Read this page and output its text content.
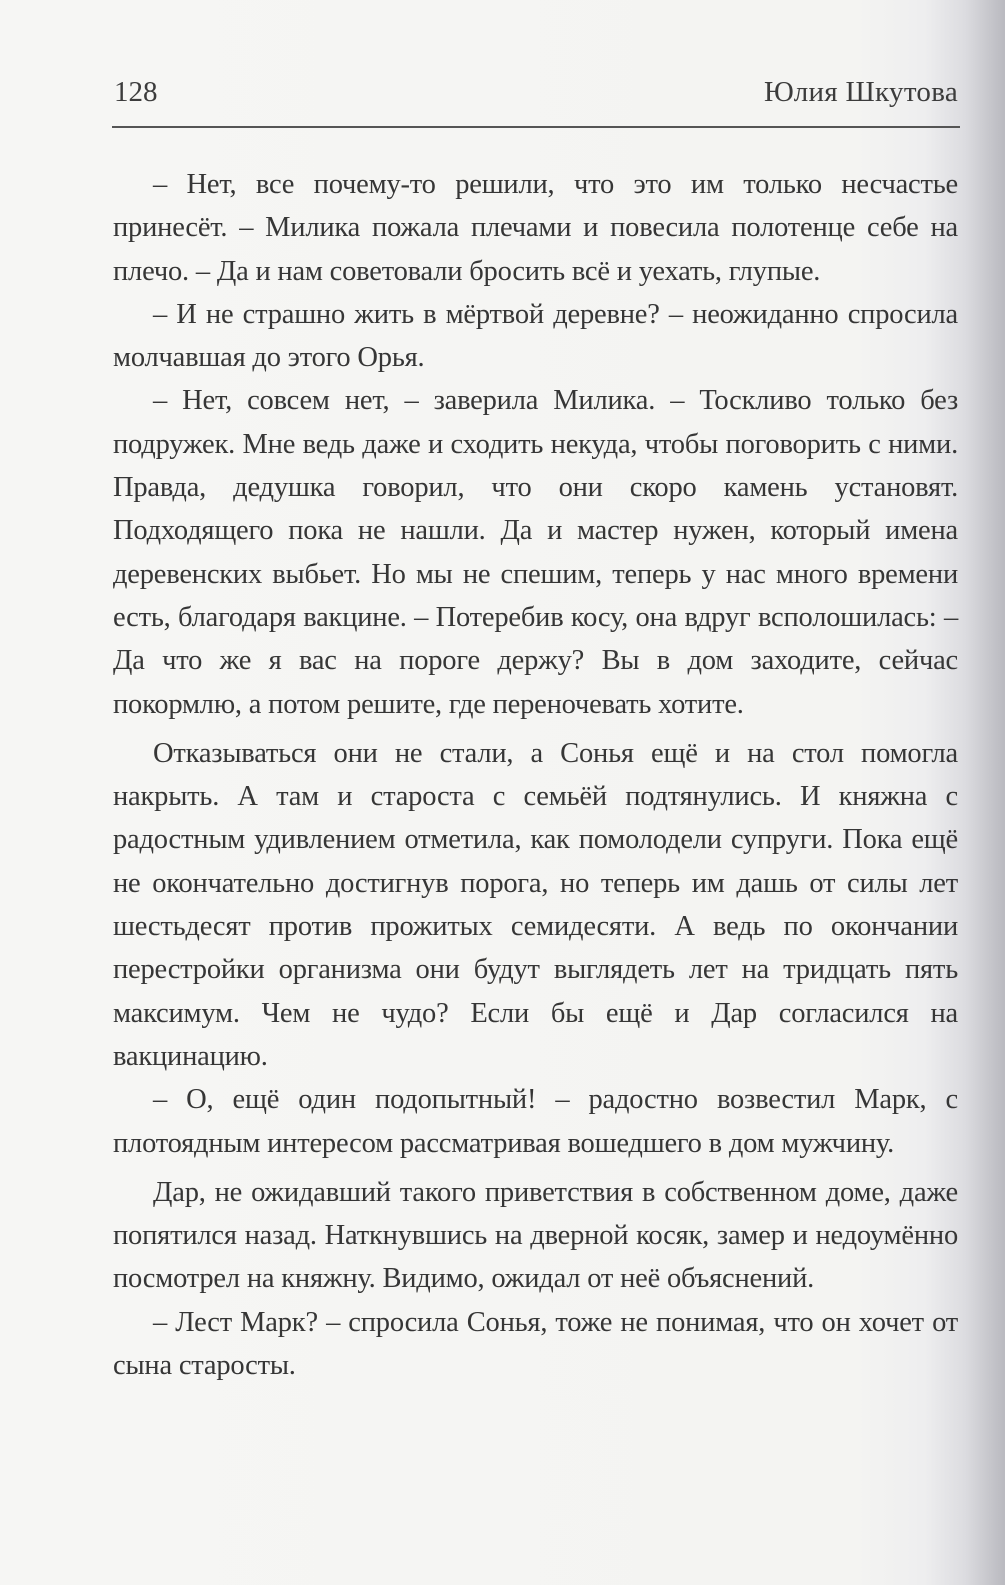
128	Юлия Шкутова

– Нет, все почему-то решили, что это им только несчастье принесёт. – Милика пожала плечами и повесила полотенце себе на плечо. – Да и нам советовали бросить всё и уехать, глупые.

– И не страшно жить в мёртвой деревне? – неожиданно спросила молчавшая до этого Орья.

– Нет, совсем нет, – заверила Милика. – Тоскливо только без подружек. Мне ведь даже и сходить некуда, чтобы поговорить с ними. Правда, дедушка говорил, что они скоро камень установят. Подходящего пока не нашли. Да и мастер нужен, который имена деревенских выбьет. Но мы не спешим, теперь у нас много времени есть, благодаря вакцине. – Потеребив косу, она вдруг всполошилась: – Да что же я вас на пороге держу? Вы в дом заходите, сейчас покормлю, а потом решите, где переночевать хотите.

Отказываться они не стали, а Сонья ещё и на стол помогла накрыть. А там и староста с семьёй подтянулись. И княжна с радостным удивлением отметила, как помолодели супруги. Пока ещё не окончательно достигнув порога, но теперь им дашь от силы лет шестьдесят против прожитых семидесяти. А ведь по окончании перестройки организма они будут выглядеть лет на тридцать пять максимум. Чем не чудо? Если бы ещё и Дар согласился на вакцинацию.

– О, ещё один подопытный! – радостно возвестил Марк, с плотоядным интересом рассматривая вошедшего в дом мужчину.

Дар, не ожидавший такого приветствия в собственном доме, даже попятился назад. Наткнувшись на дверной косяк, замер и недоумённо посмотрел на княжну. Видимо, ожидал от неё объяснений.

– Лест Марк? – спросила Сонья, тоже не понимая, что он хочет от сына старосты.
